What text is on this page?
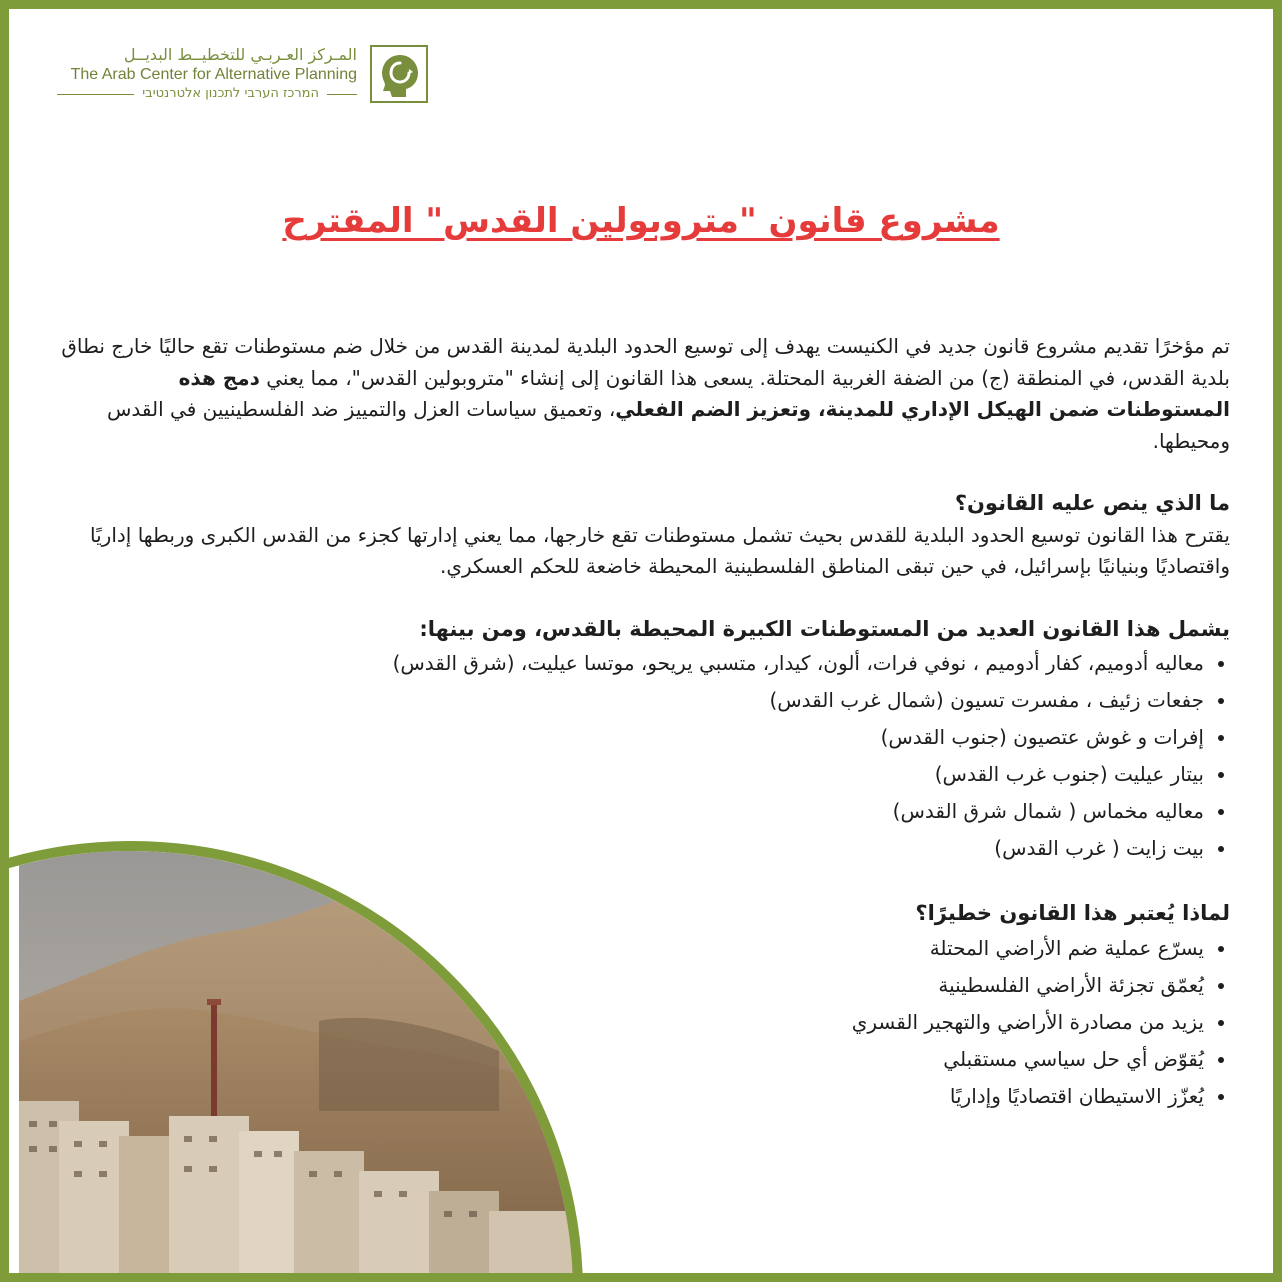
المـركز العـربـي للتخطيــط البديــل
The Arab Center for Alternative Planning
המרכז הערבי לתכנון אלטרנטיבי
مشروع قانون "متروبولين القدس" المقترح

تم مؤخرًا تقديم مشروع قانون جديد في الكنيست يهدف إلى توسيع الحدود البلدية لمدينة القدس من خلال ضم مستوطنات تقع حاليًا خارج نطاق بلدية القدس، في المنطقة (ج) من الضفة الغربية المحتلة. يسعى هذا القانون إلى إنشاء "متروبولين القدس"، مما يعني دمج هذه المستوطنات ضمن الهيكل الإداري للمدينة، وتعزيز الضم الفعلي، وتعميق سياسات العزل والتمييز ضد الفلسطينيين في القدس ومحيطها.

ما الذي ينص عليه القانون؟

يقترح هذا القانون توسيع الحدود البلدية للقدس بحيث تشمل مستوطنات تقع خارجها، مما يعني إدارتها كجزء من القدس الكبرى وربطها إداريًا واقتصاديًا وبنيانيًا بإسرائيل، في حين تبقى المناطق الفلسطينية المحيطة خاضعة للحكم العسكري.

يشمل هذا القانون العديد من المستوطنات الكبيرة المحيطة بالقدس، ومن بينها:
معاليه أدوميم، كفار أدوميم ، نوفي فرات، ألون، كيدار، متسبي يريحو، موتسا عيليت، (شرق القدس)
جفعات زئيف ، مفسرت تسيون (شمال غرب القدس)
إفرات و غوش عتصيون (جنوب القدس)
بيتار عيليت (جنوب غرب القدس)
معاليه مخماس ( شمال شرق القدس)
بيت زايت ( غرب القدس)
لماذا يُعتبر هذا القانون خطيرًا؟
يسرّع عملية ضم الأراضي المحتلة
يُعمّق تجزئة الأراضي الفلسطينية
يزيد من مصادرة الأراضي والتهجير القسري
يُقوّض أي حل سياسي مستقبلي
يُعزّز الاستيطان اقتصاديًا وإداريًا
